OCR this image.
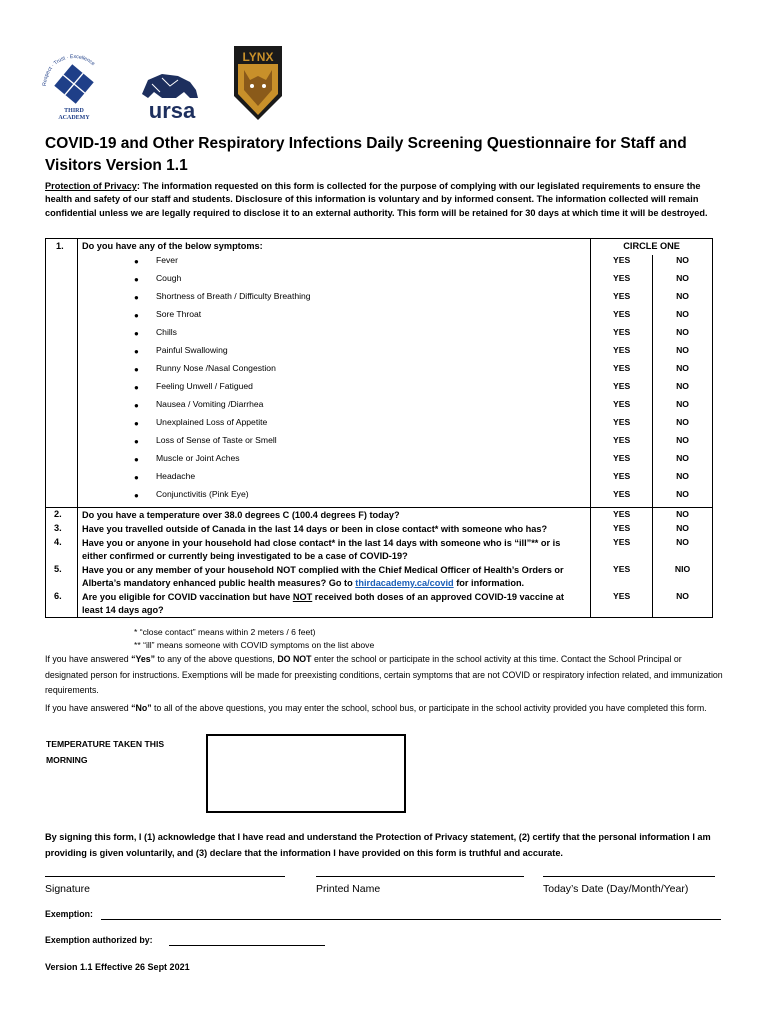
Respect · Trust · Excellence
THIRD
ACADEMY	ursa
LYNX
COVID-19 and Other Respiratory Infections Daily Screening Questionnaire for Staff and Visitors Version 1.1
Protection of Privacy: The information requested on this form is collected for the purpose of complying with our legislated requirements to ensure the health and safety of our staff and students. Disclosure of this information is voluntary and by informed consent. The information collected will remain confidential unless we are legally required to disclose it to an external authority. This form will be retained for 30 days at which time it will be destroyed.
1.	Do you have any of the below symptoms:	CIRCLE ONE	

	● Fever	YES	NO

	● Cough	YES	NO

	● Shortness of Breath / Difficulty Breathing	YES	NO

	● Sore Throat	YES	NO

	● Chills	YES	NO

	● Painful Swallowing	YES	NO

	● Runny Nose /Nasal Congestion	YES	NO

	● Feeling Unwell / Fatigued	YES	NO

	● Nausea / Vomiting /Diarrhea	YES	NO

	● Unexplained Loss of Appetite	YES	NO

	● Loss of Sense of Taste or Smell	YES	NO

	● Muscle or Joint Aches	YES	NO

	● Headache	YES	NO

	● Conjunctivitis (Pink Eye)	YES	NO
2.	Do you have a temperature over 38.0 degrees C (100.4 degrees F) today?	YES	NO
3.	Have you travelled outside of Canada in the last 14 days or been in close contact* with someone who has?	YES	NO
4.	Have you or anyone in your household had close contact* in the last 14 days with someone who is “ill”** or is either confirmed or currently being investigated to be a case of COVID-19?	YES	NO
5.	Have you or any member of your household NOT complied with the Chief Medical Officer of Health’s Orders or Alberta’s mandatory enhanced public health measures? Go to thirdacademy.ca/covid for information.	YES	NIO
6.	Are you eligible for COVID vaccination but have NOT received both doses of an approved COVID-19 vaccine at least 14 days ago?	YES	NO
* “close contact” means within 2 meters / 6 feet)
** “ill” means someone with COVID symptoms on the list above
If you have answered “Yes” to any of the above questions, DO NOT enter the school or participate in the school activity at this time. Contact the School Principal or designated person for instructions. Exemptions will be made for preexisting conditions, certain symptoms that are not COVID or respiratory infection related, and immunization requirements.
If you have answered “No” to all of the above questions, you may enter the school, school bus, or participate in the school activity provided you have completed this form.
TEMPERATURE TAKEN THIS MORNING
By signing this form, I (1) acknowledge that I have read and understand the Protection of Privacy statement, (2) certify that the personal information I am providing is given voluntarily, and (3) declare that the information I have provided on this form is truthful and accurate.
Signature	Printed Name	Today’s Date (Day/Month/Year)
Exemption:
Exemption authorized by:
Version 1.1 Effective 26 Sept 2021
